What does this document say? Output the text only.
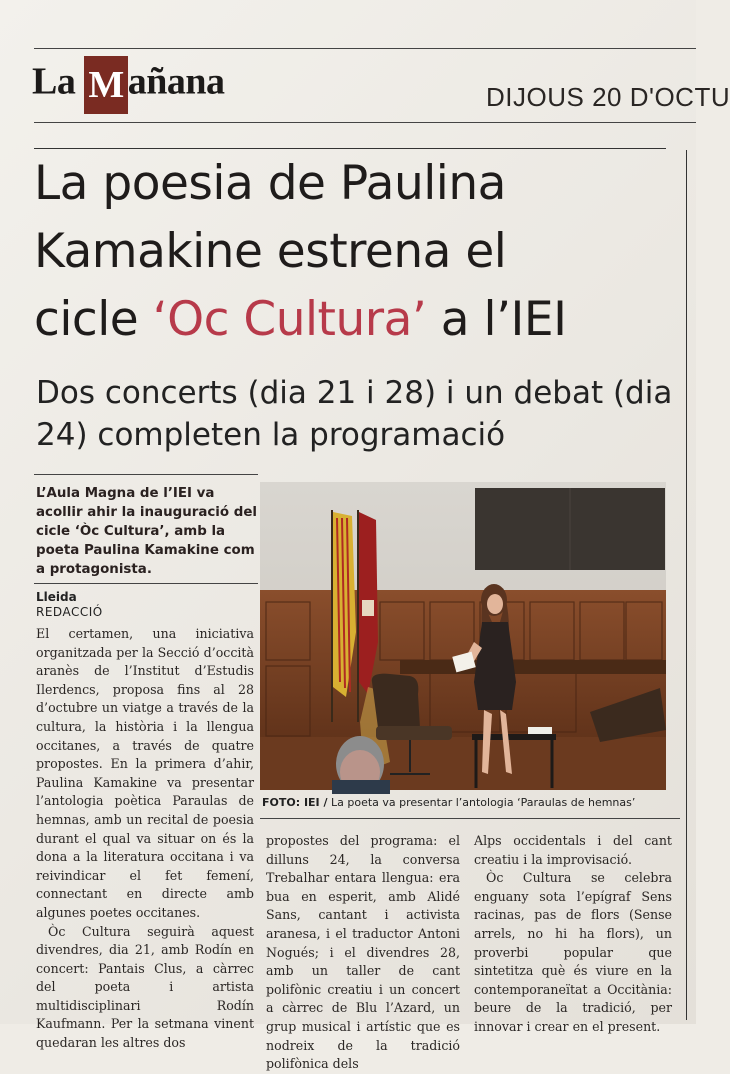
La M añana	DIJOUS 20 D'OCTU
La poesia de Paulina
Kamakine estrena el
cicle ‘Oc Cultura’ a l’IEI
Dos concerts (dia 21 i 28) i un debat (dia 24) completen la programació
L’Aula Magna de l’IEI va acollir ahir la inauguració del cicle ‘Òc Cultura’, amb la poeta Paulina Kamakine com a protagonista.
Lleida
REDACCIÓ

El certamen, una iniciativa organitzada per la Secció d’occità aranès de l’Institut d’Estudis Ilerdencs, proposa fins al 28 d’octubre un viatge a través de la cultura, la història i la llengua occitanes, a través de quatre propostes. En la primera d’ahir, Paulina Kamakine va presentar l’antologia poètica Paraulas de hemnas, amb un recital de poesia durant el qual va situar on és la dona a la literatura occitana i va reivindicar el fet femení, connectant en directe amb algunes poetes occitanes.

Òc Cultura seguirà aquest divendres, dia 21, amb Rodín en concert: Pantais Clus, a càrrec del poeta i artista multidisciplinari Rodín Kaufmann. Per la setmana vinent quedaran les altres dos

FOTO: IEI / La poeta va presentar l’antologia ‘Paraulas de hemnas’

propostes del programa: el dilluns 24, la conversa Trebalhar entara llengua: era bua en esperit, amb Alidé Sans, cantant i activista aranesa, i el traductor Antoni Nogués; i el divendres 28, amb un taller de cant polifònic creatiu i un concert a càrrec de Blu l’Azard, un grup musical i artístic que es nodreix de la tradició polifònica dels

Alps occidentals i del cant creatiu i la improvisació.

Òc Cultura se celebra enguany sota l’epígraf Sens racinas, pas de flors (Sense arrels, no hi ha flors), un proverbi popular que sintetitza què és viure en la contemporaneïtat a Occitània: beure de la tradició, per innovar i crear en el present.
